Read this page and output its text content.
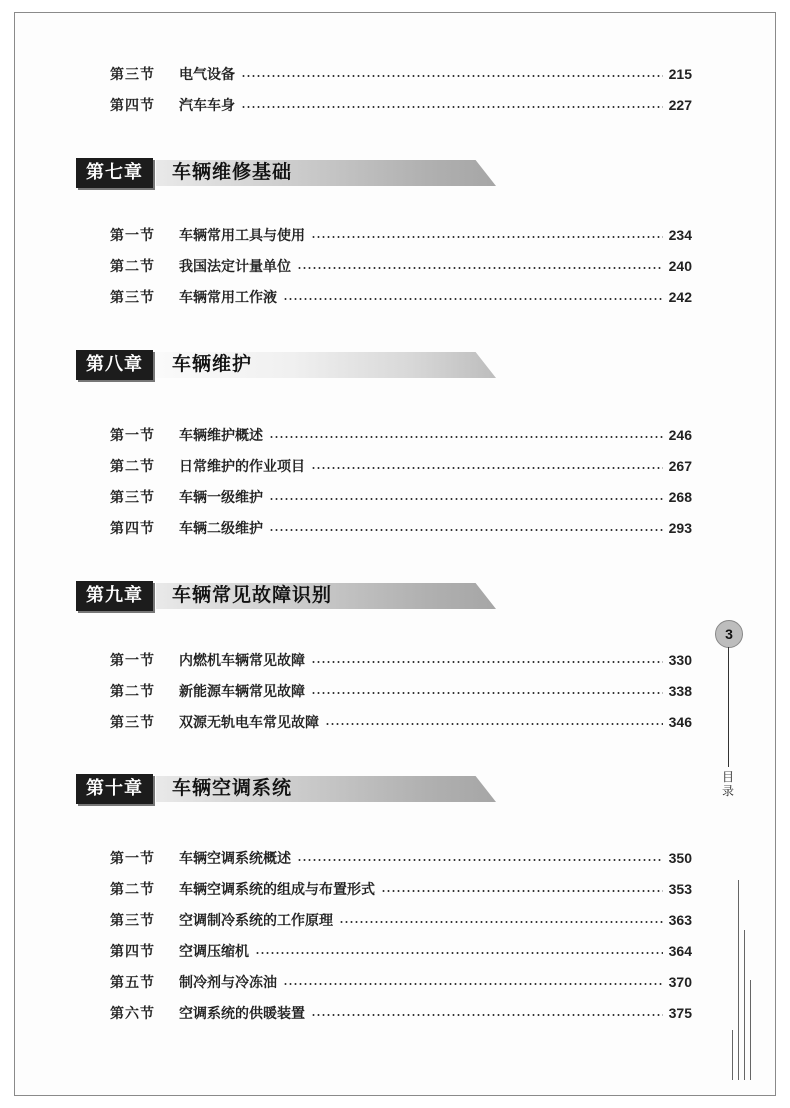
第三节	电气设备	215
第四节	汽车车身	227
第七章	车辆维修基础
第一节	车辆常用工具与使用	234
第二节	我国法定计量单位	240
第三节	车辆常用工作液	242
第八章	车辆维护
第一节	车辆维护概述	246
第二节	日常维护的作业项目	267
第三节	车辆一级维护	268
第四节	车辆二级维护	293
第九章	车辆常见故障识别
第一节	内燃机车辆常见故障	330
第二节	新能源车辆常见故障	338
第三节	双源无轨电车常见故障	346
第十章	车辆空调系统
第一节	车辆空调系统概述	350
第二节	车辆空调系统的组成与布置形式	353
第三节	空调制冷系统的工作原理	363
第四节	空调压缩机	364
第五节	制冷剂与冷冻油	370
第六节	空调系统的供暖装置	375
3
目录
